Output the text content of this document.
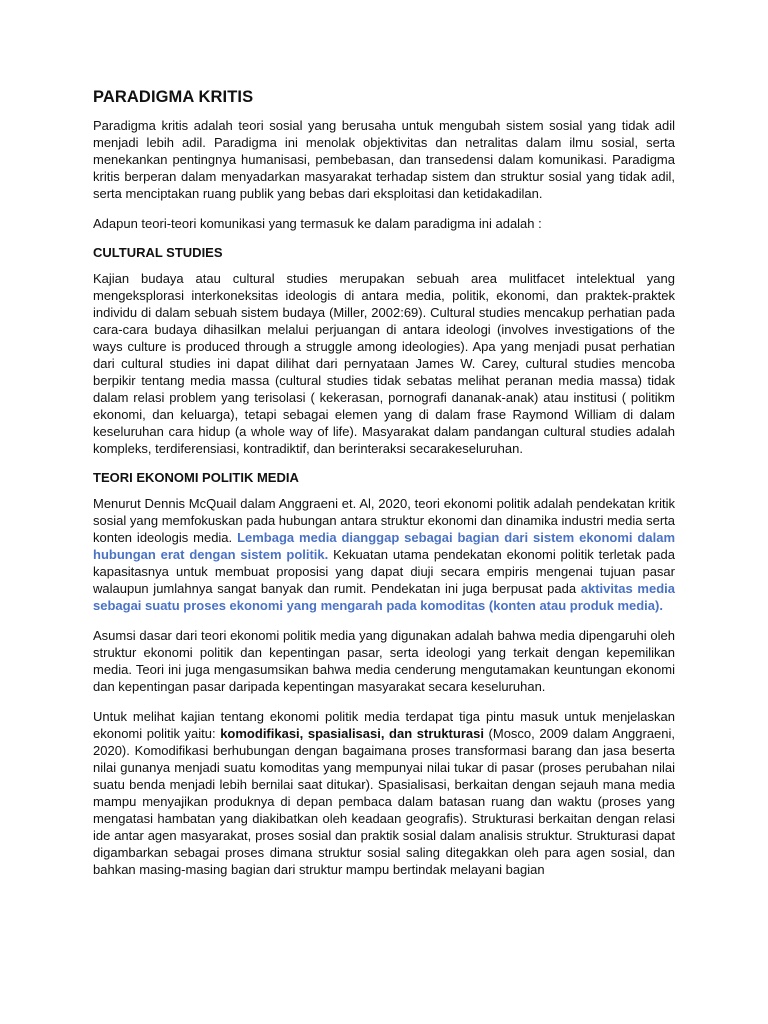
PARADIGMA KRITIS

Paradigma kritis adalah teori sosial yang berusaha untuk mengubah sistem sosial yang tidak adil menjadi lebih adil. Paradigma ini menolak objektivitas dan netralitas dalam ilmu sosial, serta menekankan pentingnya humanisasi, pembebasan, dan transedensi dalam komunikasi. Paradigma kritis berperan dalam menyadarkan masyarakat terhadap sistem dan struktur sosial yang tidak adil, serta menciptakan ruang publik yang bebas dari eksploitasi dan ketidakadilan.

Adapun teori-teori komunikasi yang termasuk ke dalam paradigma ini adalah :

CULTURAL STUDIES

Kajian budaya atau cultural studies merupakan sebuah area mulitfacet intelektual yang mengeksplorasi interkoneksitas ideologis di antara media, politik, ekonomi, dan praktek-praktek individu di dalam sebuah sistem budaya (Miller, 2002:69). Cultural studies mencakup perhatian pada cara-cara budaya dihasilkan melalui perjuangan di antara ideologi (involves investigations of the ways culture is produced through a struggle among ideologies). Apa yang menjadi pusat perhatian dari cultural studies ini dapat dilihat dari pernyataan James W. Carey, cultural studies mencoba berpikir tentang media massa (cultural studies tidak sebatas melihat peranan media massa) tidak dalam relasi problem yang terisolasi ( kekerasan, pornografi dananak-anak) atau institusi ( politikm ekonomi, dan keluarga), tetapi sebagai elemen yang di dalam frase Raymond William di dalam keseluruhan cara hidup (a whole way of life). Masyarakat dalam pandangan cultural studies adalah kompleks, terdiferensiasi, kontradiktif, dan berinteraksi secarakeseluruhan.

TEORI EKONOMI POLITIK MEDIA

Menurut Dennis McQuail dalam Anggraeni et. Al, 2020, teori ekonomi politik adalah pendekatan kritik sosial yang memfokuskan pada hubungan antara struktur ekonomi dan dinamika industri media serta konten ideologis media. Lembaga media dianggap sebagai bagian dari sistem ekonomi dalam hubungan erat dengan sistem politik. Kekuatan utama pendekatan ekonomi politik terletak pada kapasitasnya untuk membuat proposisi yang dapat diuji secara empiris mengenai tujuan pasar walaupun jumlahnya sangat banyak dan rumit. Pendekatan ini juga berpusat pada aktivitas media sebagai suatu proses ekonomi yang mengarah pada komoditas (konten atau produk media).

Asumsi dasar dari teori ekonomi politik media yang digunakan adalah bahwa media dipengaruhi oleh struktur ekonomi politik dan kepentingan pasar, serta ideologi yang terkait dengan kepemilikan media. Teori ini juga mengasumsikan bahwa media cenderung mengutamakan keuntungan ekonomi dan kepentingan pasar daripada kepentingan masyarakat secara keseluruhan.

Untuk melihat kajian tentang ekonomi politik media terdapat tiga pintu masuk untuk menjelaskan ekonomi politik yaitu: komodifikasi, spasialisasi, dan strukturasi (Mosco, 2009 dalam Anggraeni, 2020). Komodifikasi berhubungan dengan bagaimana proses transformasi barang dan jasa beserta nilai gunanya menjadi suatu komoditas yang mempunyai nilai tukar di pasar (proses perubahan nilai suatu benda menjadi lebih bernilai saat ditukar). Spasialisasi, berkaitan dengan sejauh mana media mampu menyajikan produknya di depan pembaca dalam batasan ruang dan waktu (proses yang mengatasi hambatan yang diakibatkan oleh keadaan geografis). Strukturasi berkaitan dengan relasi ide antar agen masyarakat, proses sosial dan praktik sosial dalam analisis struktur. Strukturasi dapat digambarkan sebagai proses dimana struktur sosial saling ditegakkan oleh para agen sosial, dan bahkan masing-masing bagian dari struktur mampu bertindak melayani bagian
